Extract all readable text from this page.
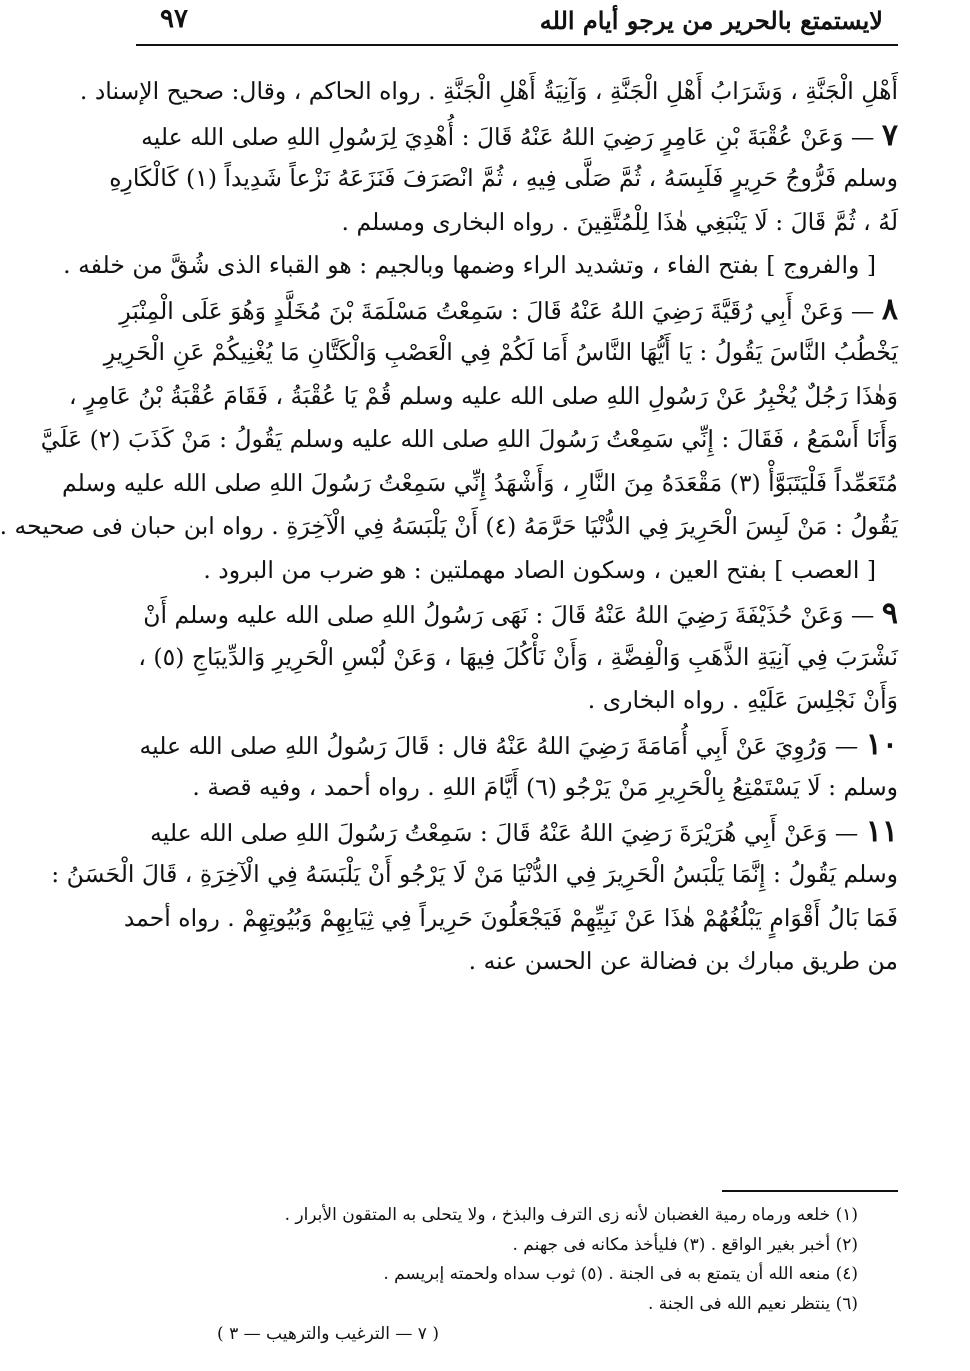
لايستمتع بالحرير من يرجو أيام الله
٩٧
أَهْلِ الْجَنَّةِ ، وَشَرَابُ أَهْلِ الْجَنَّةِ ، وَآنِيَةُ أَهْلِ الْجَنَّةِ . رواه الحاكم ، وقال: صحيح الإسناد .
٧ — وَعَنْ عُقْبَةَ بْنِ عَامِرٍ رَضِيَ اللهُ عَنْهُ قَالَ : أُهْدِيَ لِرَسُولِ اللهِ صلى الله عليه
وسلم فَرُّوجُ حَرِيرٍ فَلَبِسَهُ ، ثُمَّ صَلَّى فِيهِ ، ثُمَّ انْصَرَفَ فَنَزَعَهُ نَزْعاً شَدِيداً (١) كَالْكَارِهِ
لَهُ ، ثُمَّ قَالَ : لَا يَنْبَغِي هٰذَا لِلْمُتَّقِينَ . رواه البخارى ومسلم .
[ والفروج ] بفتح الفاء ، وتشديد الراء وضمها وبالجيم : هو القباء الذى شُقَّ من خلفه .
٨ — وَعَنْ أَبِي رُقَيَّةَ رَضِيَ اللهُ عَنْهُ قَالَ : سَمِعْتُ مَسْلَمَةَ بْنَ مُخَلَّدٍ وَهُوَ عَلَى الْمِنْبَرِ
يَخْطُبُ النَّاسَ يَقُولُ : يَا أَيُّهَا النَّاسُ أَمَا لَكُمْ فِي الْعَصْبِ وَالْكَتَّانِ مَا يُغْنِيكُمْ عَنِ الْحَرِيرِ
وَهٰذَا رَجُلٌ يُخْبِرُ عَنْ رَسُولِ اللهِ صلى الله عليه وسلم قُمْ يَا عُقْبَةُ ، فَقَامَ عُقْبَةُ بْنُ عَامِرٍ ،
وَأَنَا أَسْمَعُ ، فَقَالَ : إِنِّي سَمِعْتُ رَسُولَ اللهِ صلى الله عليه وسلم يَقُولُ : مَنْ كَذَبَ (٢) عَلَيَّ
مُتَعَمِّداً فَلْيَتَبَوَّأْ (٣) مَقْعَدَهُ مِنَ النَّارِ ، وَأَشْهَدُ إِنِّي سَمِعْتُ رَسُولَ اللهِ صلى الله عليه وسلم
يَقُولُ : مَنْ لَبِسَ الْحَرِيرَ فِي الدُّنْيَا حَرَّمَهُ (٤) أَنْ يَلْبَسَهُ فِي الْآخِرَةِ . رواه ابن حبان فى صحيحه .
[ العصب ] بفتح العين ، وسكون الصاد مهملتين : هو ضرب من البرود .
٩ — وَعَنْ حُذَيْفَةَ رَضِيَ اللهُ عَنْهُ قَالَ : نَهَى رَسُولُ اللهِ صلى الله عليه وسلم أَنْ
نَشْرَبَ فِي آنِيَةِ الذَّهَبِ وَالْفِضَّةِ ، وَأَنْ نَأْكُلَ فِيهَا ، وَعَنْ لُبْسِ الْحَرِيرِ وَالدِّيبَاجِ (٥) ،
وَأَنْ نَجْلِسَ عَلَيْهِ . رواه البخارى .
١٠ — وَرُوِيَ عَنْ أَبِي أُمَامَةَ رَضِيَ اللهُ عَنْهُ قال : قَالَ رَسُولُ اللهِ صلى الله عليه
وسلم : لَا يَسْتَمْتِعُ بِالْحَرِيرِ مَنْ يَرْجُو (٦) أَيَّامَ اللهِ . رواه أحمد ، وفيه قصة .
١١ — وَعَنْ أَبِي هُرَيْرَةَ رَضِيَ اللهُ عَنْهُ قَالَ : سَمِعْتُ رَسُولَ اللهِ صلى الله عليه
وسلم يَقُولُ : إِنَّمَا يَلْبَسُ الْحَرِيرَ فِي الدُّنْيَا مَنْ لَا يَرْجُو أَنْ يَلْبَسَهُ فِي الْآخِرَةِ ، قَالَ الْحَسَنُ :
فَمَا بَالُ أَقْوَامٍ يَبْلُغُهُمْ هٰذَا عَنْ نَبِيِّهِمْ فَيَجْعَلُونَ حَرِيراً فِي ثِيَابِهِمْ وَبُيُوتِهِمْ . رواه أحمد
من طريق مبارك بن فضالة عن الحسن عنه .
(١) خلعه ورماه رمية الغضبان لأنه زى الترف والبذخ ، ولا يتحلى به المتقون الأبرار .
(٢) أخبر بغير الواقع . (٣) فليأخذ مكانه فى جهنم .
(٤) منعه الله أن يتمتع به فى الجنة . (٥) ثوب سداه ولحمته إبريسم .
(٦) ينتظر نعيم الله فى الجنة .
( ٧ — الترغيب والترهيب — ٣ )
